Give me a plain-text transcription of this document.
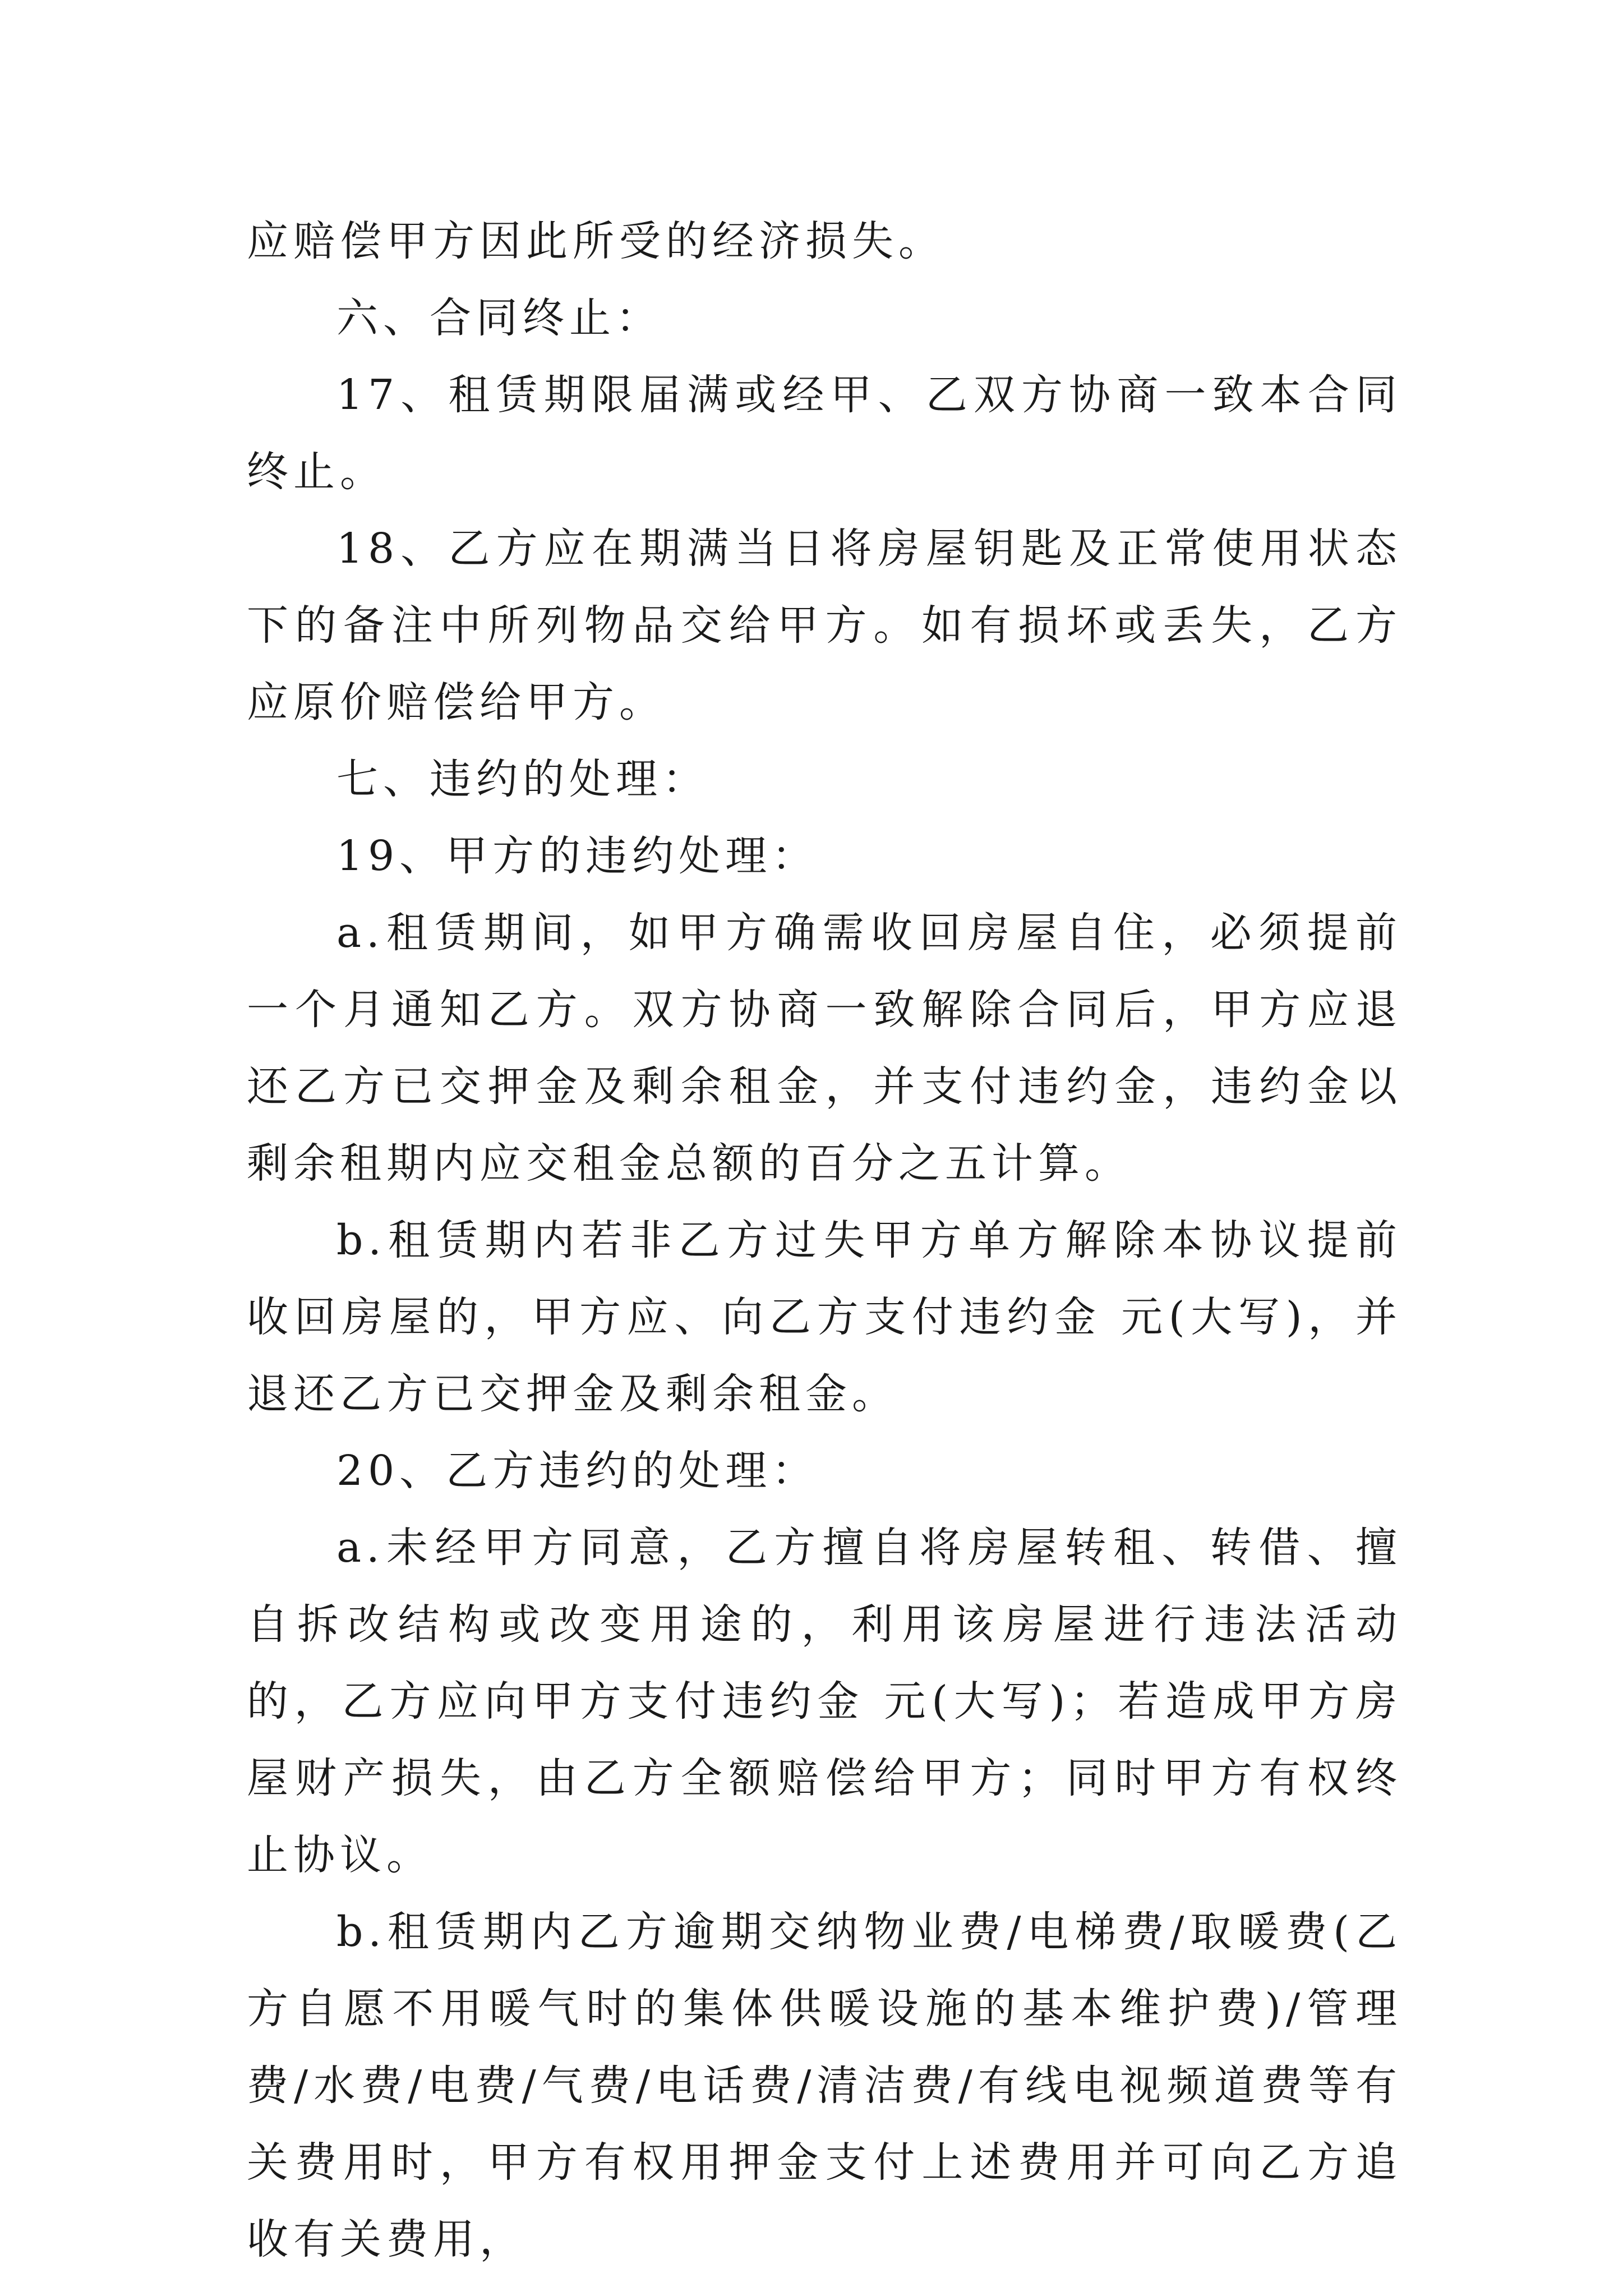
应赔偿甲方因此所受的经济损失。

六、合同终止：

17、租赁期限届满或经甲、乙双方协商一致本合同终止。

18、乙方应在期满当日将房屋钥匙及正常使用状态下的备注中所列物品交给甲方。如有损坏或丢失，乙方应原价赔偿给甲方。

七、违约的处理：

19、甲方的违约处理：

a.租赁期间，如甲方确需收回房屋自住，必须提前一个月通知乙方。双方协商一致解除合同后，甲方应退还乙方已交押金及剩余租金，并支付违约金，违约金以剩余租期内应交租金总额的百分之五计算。

b.租赁期内若非乙方过失甲方单方解除本协议提前收回房屋的，甲方应、向乙方支付违约金 元(大写)，并退还乙方已交押金及剩余租金。

20、乙方违约的处理：

a.未经甲方同意，乙方擅自将房屋转租、转借、擅自拆改结构或改变用途的，利用该房屋进行违法活动的，乙方应向甲方支付违约金 元(大写)；若造成甲方房屋财产损失，由乙方全额赔偿给甲方；同时甲方有权终止协议。

b.租赁期内乙方逾期交纳物业费/电梯费/取暖费(乙方自愿不用暖气时的集体供暖设施的基本维护费)/管理费/水费/电费/气费/电话费/清洁费/有线电视频道费等有关费用时，甲方有权用押金支付上述费用并可向乙方追收有关费用，
